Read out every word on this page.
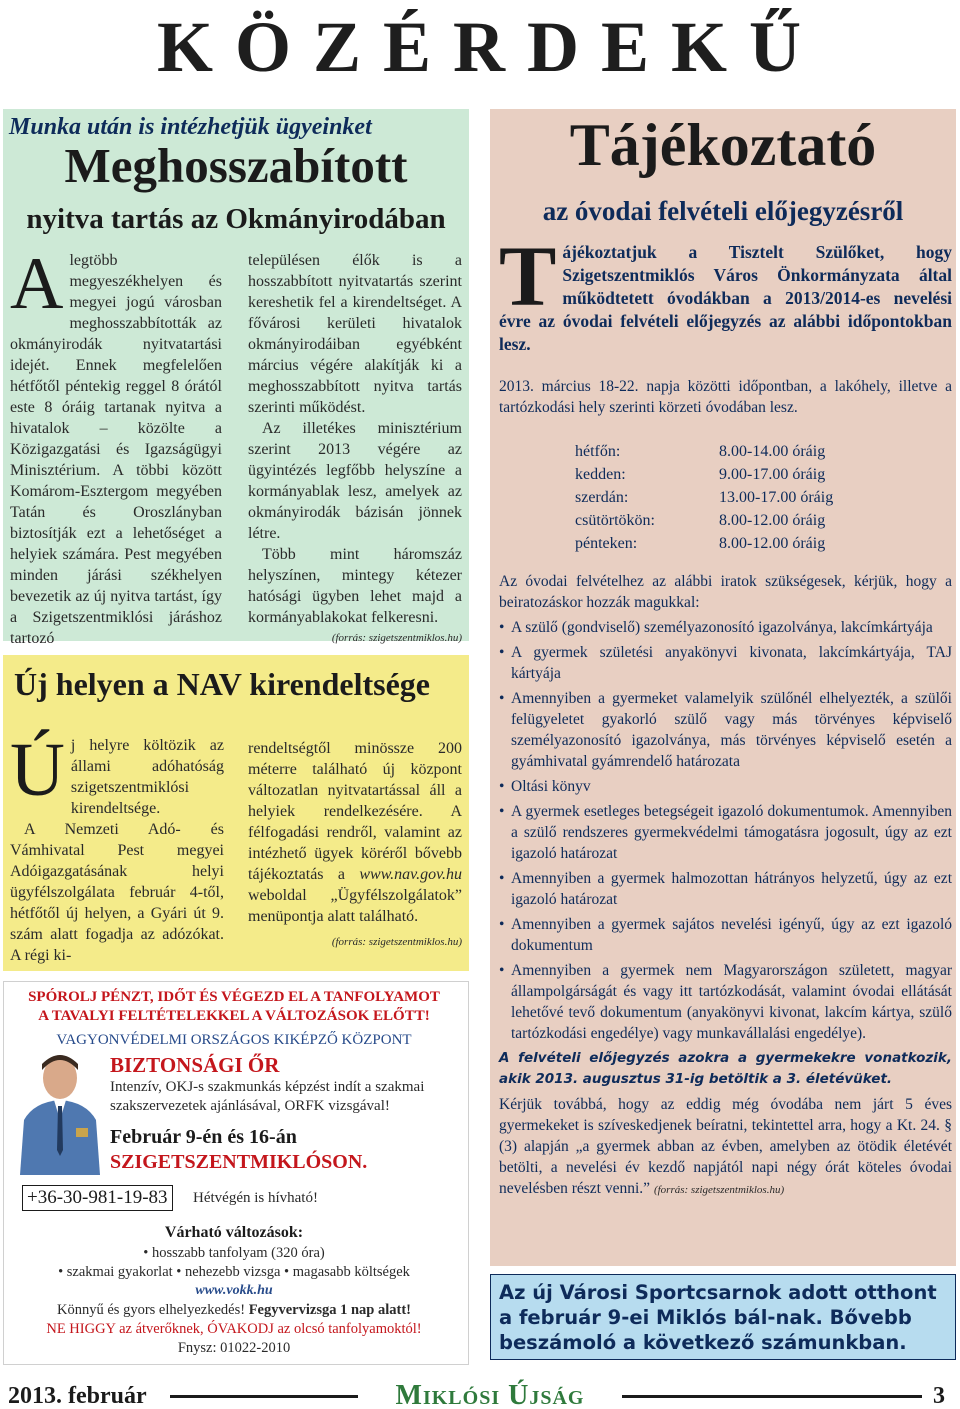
KÖZÉRDEKŰ
Munka után is intézhetjük ügyeinket
Meghosszabított
nyitva tartás az Okmányirodában
Alegtöbb megyeszékhelyen és megyei jogú városban meghosszabbították az okmányirodák nyitvatartási idejét. Ennek megfelelően hétfőtől péntekig reggel 8 órától este 8 óráig tartanak nyitva a hivatalok – közölte a Közigazgatási és Igazságügyi Minisztérium. A többi között Komárom-Esztergom megyében Tatán és Oroszlányban biztosítják ezt a lehetőséget a helyiek számára. Pest megyében minden járási székhelyen bevezetik az új nyitva tartást, így a Szigetszentmiklósi járáshoz tartozó

településen élők is a hosszabbított nyitvatartás szerint kereshetik fel a kirendeltséget. A fővárosi kerületi hivatalok okmányirodáiban egyébként március végére alakítják ki a meghosszabbított nyitva tartás szerinti működést.

Az illetékes minisztérium szerint 2013 végére az ügyintézés legfőbb helyszíne a kormányablak lesz, amelyek az okmányirodák bázisán jönnek létre.

Több mint háromszáz helyszínen, mintegy kétezer hatósági ügyben lehet majd a kormányablakokat felkeresni.

(forrás: szigetszentmiklos.hu)
Új helyen a NAV kirendeltsége

Új helyre költözik az állami adóhatóság szigetszentmiklósi kirendeltsége.

A Nemzeti Adó- és Vámhivatal Pest megyei Adóigazgatásának helyi ügyfélszolgálata február 4-től, hétfőtől új helyen, a Gyári út 9. szám alatt fogadja az adózókat. A régi ki-

rendeltségtől minössze 200 méterre található új központ változatlan nyitvatartással áll a helyiek rendelkezésére. A félfogadási rendről, valamint az intézhető ügyek köréről bővebb tájékoztatás a www.nav.gov.hu weboldal „Ügyfélszolgálatok” menüpontja alatt található.
(forrás: szigetszentmiklos.hu)
SPÓROLJ PÉNZT, IDŐT ÉS VÉGEZD EL A TANFOLYAMOT
A TAVALYI FELTÉTELEKKEL A VÁLTOZÁSOK ELŐTT!
VAGYONVÉDELMI ORSZÁGOS KIKÉPZŐ KÖZPONT
BIZTONSÁGI ŐR
Intenzív, OKJ-s szakmunkás képzést indít a szakmai
szakszervezetek ajánlásával, ORFK vizsgával!
Február 9-én és 16-án
SZIGETSZENTMIKLÓSON.
+36-30-981-19-83	Hétvégén is hívható!
Várható változások:
• hosszabb tanfolyam (320 óra)
• szakmai gyakorlat • nehezebb vizsga • magasabb költségek
www.vokk.hu
Könnyű és gyors elhelyezkedés! Fegyvervizsga 1 nap alatt!
NE HIGGY az átverőknek, ÓVAKODJ az olcsó tanfolyamoktól!
Fnysz: 01022-2010
Tájékoztató
az óvodai felvételi előjegyzésről
Tájékoztatjuk a Tisztelt Szülőket, hogy Szigetszentmiklós Város Önkormányzata által működtetett óvodákban a 2013/2014-es nevelési évre az óvodai felvételi előjegyzés az alábbi időpontokban lesz.
2013. március 18-22. napja közötti időpontban, a lakóhely, illetve a tartózkodási hely szerinti körzeti óvodában lesz.
hétfőn:	8.00-14.00 óráig
kedden:	9.00-17.00 óráig
szerdán:	13.00-17.00 óráig
csütörtökön:	8.00-12.00 óráig
pénteken:	8.00-12.00 óráig

Az óvodai felvételhez az alábbi iratok szükségesek, kérjük, hogy a beiratozáskor hozzák magukkal:

• A szülő (gondviselő) személyazonosító igazolványa, lakcímkártyája
• A gyermek születési anyakönyvi kivonata, lakcímkártyája, TAJ kártyája
• Amennyiben a gyermeket valamelyik szülőnél elhelyezték, a szülői felügyeletet gyakorló szülő vagy más törvényes képviselő személyazonosító igazolványa, más törvényes képviselő esetén a gyámhivatal gyámrendelő határozata
• Oltási könyv
• A gyermek esetleges betegségeit igazoló dokumentumok. Amennyiben a szülő rendszeres gyermekvédelmi támogatásra jogosult, úgy az ezt igazoló határozat
• Amennyiben a gyermek halmozottan hátrányos helyzetű, úgy az ezt igazoló határozat
• Amennyiben a gyermek sajátos nevelési igényű, úgy az ezt igazoló dokumentum
• Amennyiben a gyermek nem Magyarországon született, magyar állampolgárságát és vagy itt tartózkodását, valamint óvodai ellátását lehetővé tevő dokumentum (anyakönyvi kivonat, lakcím kártya, szülő tartózkodási engedélye) vagy munkavállalási engedélye).

A felvételi előjegyzés azokra a gyermekekre vonatkozik, akik 2013. augusztus 31-ig betöltik a 3. életévüket.

Kérjük továbbá, hogy az eddig még óvodába nem járt 5 éves gyermekeket is szíveskedjenek beíratni, tekintettel arra, hogy a Kt. 24. § (3) alapján „a gyermek abban az évben, amelyben az ötödik életévét betölti, a nevelési év kezdő napjától napi négy órát köteles óvodai nevelésben részt venni.” (forrás: szigetszentmiklos.hu)

Az új Városi Sportcsarnok adott otthont a február 9-ei Miklós bál-nak. Bővebb beszámoló a következő számunkban.
2013. február	Miklósi Újság	3
